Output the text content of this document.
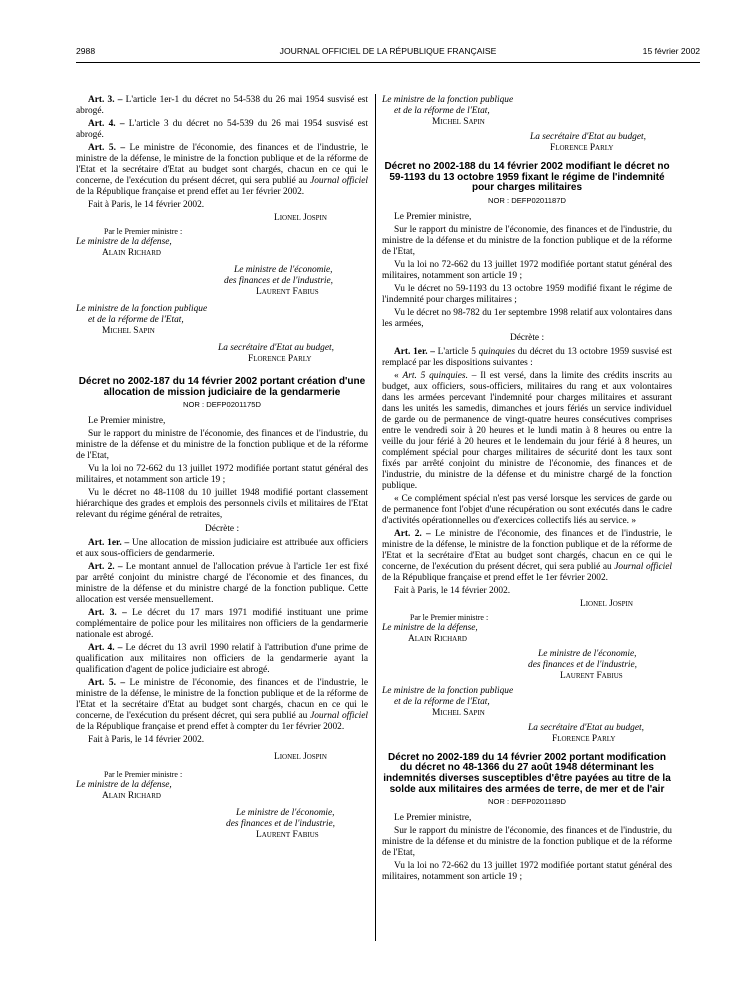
2988	JOURNAL OFFICIEL DE LA RÉPUBLIQUE FRANÇAISE	15 février 2002

Art. 3. – L'article 1er-1 du décret no 54-538 du 26 mai 1954 susvisé est abrogé.

Art. 4. – L'article 3 du décret no 54-539 du 26 mai 1954 susvisé est abrogé.

Art. 5. – Le ministre de l'économie, des finances et de l'industrie, le ministre de la défense, le ministre de la fonction publique et de la réforme de l'Etat et la secrétaire d'Etat au budget sont chargés, chacun en ce qui le concerne, de l'exécution du présent décret, qui sera publié au Journal officiel de la République française et prend effet au 1er février 2002.

Fait à Paris, le 14 février 2002.

Lionel Jospin
Par le Premier ministre :
Le ministre de la défense,
Alain Richard
Le ministre de l'économie,
des finances et de l'industrie,
Laurent Fabius
Le ministre de la fonction publique
et de la réforme de l'Etat,
Michel Sapin
La secrétaire d'Etat au budget,
Florence Parly
Décret no 2002-187 du 14 février 2002 portant création d'une allocation de mission judiciaire de la gendarmerie
NOR : DEFP0201175D

Le Premier ministre,

Sur le rapport du ministre de l'économie, des finances et de l'industrie, du ministre de la défense et du ministre de la fonction publique et de la réforme de l'Etat,

Vu la loi no 72-662 du 13 juillet 1972 modifiée portant statut général des militaires, et notamment son article 19 ;

Vu le décret no 48-1108 du 10 juillet 1948 modifié portant classement hiérarchique des grades et emplois des personnels civils et militaires de l'Etat relevant du régime général de retraites,

Décrète :

Art. 1er. – Une allocation de mission judiciaire est attribuée aux officiers et aux sous-officiers de gendarmerie.

Art. 2. – Le montant annuel de l'allocation prévue à l'article 1er est fixé par arrêté conjoint du ministre chargé de l'économie et des finances, du ministre de la défense et du ministre chargé de la fonction publique. Cette allocation est versée mensuellement.

Art. 3. – Le décret du 17 mars 1971 modifié instituant une prime complémentaire de police pour les militaires non officiers de la gendarmerie nationale est abrogé.

Art. 4. – Le décret du 13 avril 1990 relatif à l'attribution d'une prime de qualification aux militaires non officiers de la gendarmerie ayant la qualification d'agent de police judiciaire est abrogé.

Art. 5. – Le ministre de l'économie, des finances et de l'industrie, le ministre de la défense, le ministre de la fonction publique et de la réforme de l'Etat et la secrétaire d'Etat au budget sont chargés, chacun en ce qui le concerne, de l'exécution du présent décret, qui sera publié au Journal officiel de la République française et prend effet à compter du 1er février 2002.

Fait à Paris, le 14 février 2002.

Lionel Jospin
Par le Premier ministre :
Le ministre de la défense,
Alain Richard
Le ministre de l'économie,
des finances et de l'industrie,
Laurent Fabius
Le ministre de la fonction publique
et de la réforme de l'Etat,
Michel Sapin
La secrétaire d'Etat au budget,
Florence Parly
Décret no 2002-188 du 14 février 2002 modifiant le décret no 59-1193 du 13 octobre 1959 fixant le régime de l'indemnité pour charges militaires
NOR : DEFP0201187D

Le Premier ministre,

Sur le rapport du ministre de l'économie, des finances et de l'industrie, du ministre de la défense et du ministre de la fonction publique et de la réforme de l'Etat,

Vu la loi no 72-662 du 13 juillet 1972 modifiée portant statut général des militaires, notamment son article 19 ;

Vu le décret no 59-1193 du 13 octobre 1959 modifié fixant le régime de l'indemnité pour charges militaires ;

Vu le décret no 98-782 du 1er septembre 1998 relatif aux volontaires dans les armées,

Décrète :

Art. 1er. – L'article 5 quinquies du décret du 13 octobre 1959 susvisé est remplacé par les dispositions suivantes :

« Art. 5 quinquies. – Il est versé, dans la limite des crédits inscrits au budget, aux officiers, sous-officiers, militaires du rang et aux volontaires dans les armées percevant l'indemnité pour charges militaires et assurant dans les unités les samedis, dimanches et jours fériés un service individuel de garde ou de permanence de vingt-quatre heures consécutives comprises entre le vendredi soir à 20 heures et le lundi matin à 8 heures ou entre la veille du jour férié à 20 heures et le lendemain du jour férié à 8 heures, un complément spécial pour charges militaires de sécurité dont les taux sont fixés par arrêté conjoint du ministre de l'économie, des finances et de l'industrie, du ministre de la défense et du ministre chargé de la fonction publique.

« Ce complément spécial n'est pas versé lorsque les services de garde ou de permanence font l'objet d'une récupération ou sont exécutés dans le cadre d'activités opérationnelles ou d'exercices collectifs liés au service. »

Art. 2. – Le ministre de l'économie, des finances et de l'industrie, le ministre de la défense, le ministre de la fonction publique et de la réforme de l'Etat et la secrétaire d'Etat au budget sont chargés, chacun en ce qui le concerne, de l'exécution du présent décret, qui sera publié au Journal officiel de la République française et prend effet le 1er février 2002.

Fait à Paris, le 14 février 2002.

Lionel Jospin
Par le Premier ministre :
Le ministre de la défense,
Alain Richard
Le ministre de l'économie,
des finances et de l'industrie,
Laurent Fabius
Le ministre de la fonction publique
et de la réforme de l'Etat,
Michel Sapin
La secrétaire d'Etat au budget,
Florence Parly
Décret no 2002-189 du 14 février 2002 portant modification du décret no 48-1366 du 27 août 1948 déterminant les indemnités diverses susceptibles d'être payées au titre de la solde aux militaires des armées de terre, de mer et de l'air
NOR : DEFP0201189D

Le Premier ministre,

Sur le rapport du ministre de l'économie, des finances et de l'industrie, du ministre de la défense et du ministre de la fonction publique et de la réforme de l'Etat,

Vu la loi no 72-662 du 13 juillet 1972 modifiée portant statut général des militaires, notamment son article 19 ;
